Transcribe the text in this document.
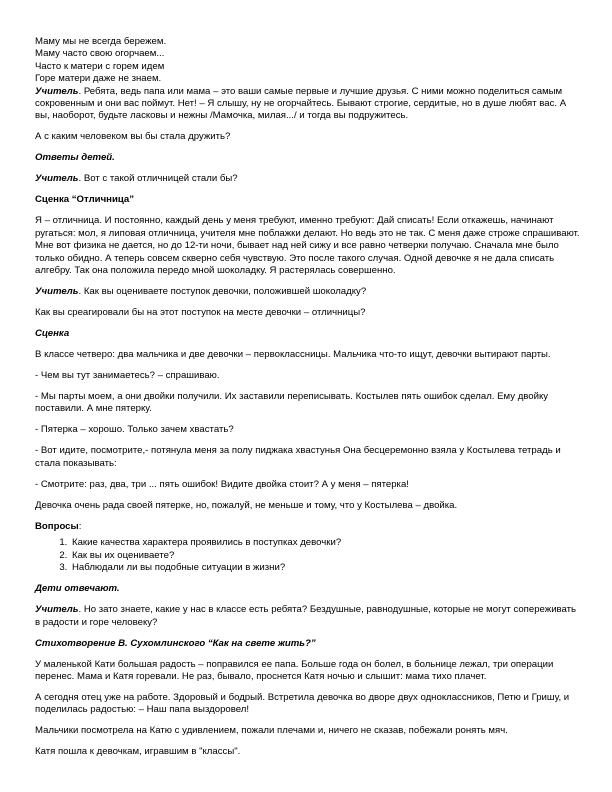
Маму мы не всегда бережем.
Маму часто свою огорчаем...
Часто к матери с горем идем
Горе матери даже не знаем.

Учитель. Ребята, ведь папа или мама – это ваши самые первые и лучшие друзья. С ними можно поделиться самым сокровенным и они вас поймут. Нет! – Я слышу, ну не огорчайтесь. Бывают строгие, сердитые, но в душе любят вас. А вы, наоборот, будьте ласковы и нежны /Мамочка, милая.../ и тогда вы подружитесь.

А с каким человеком вы бы стала дружить?

Ответы детей.

Учитель. Вот с такой отличницей стали бы?

Сценка “Отличница”

Я – отличница. И постоянно, каждый день у меня требуют, именно требуют: Дай списать! Если откажешь, начинают ругаться: мол, я липовая отличница, учителя мне поблажки делают. Но ведь это не так. С меня даже строже спрашивают. Мне вот физика не дается, но до 12-ти ночи, бывает над ней сижу и все равно четверки получаю. Сначала мне было только обидно. А теперь совсем скверно себя чувствую. Это после такого случая. Одной девочке я не дала списать алгебру. Так она положила передо мной шоколадку. Я растерялась совершенно.

Учитель. Как вы оцениваете поступок девочки, положившей шоколадку?

Как вы среагировали бы на этот поступок на месте девочки – отличницы?

Сценка

В классе четверо: два мальчика и две девочки – первоклассницы. Мальчика что-то ищут, девочки вытирают парты.

- Чем вы тут занимаетесь? – спрашиваю.

- Мы парты моем, а они двойки получили. Их заставили переписывать. Костылев пять ошибок сделал. Ему двойку поставили. А мне пятерку.

- Пятерка – хорошо. Только зачем хвастать?

- Вот идите, посмотрите,- потянула меня за полу пиджака хвастунья Она бесцеремонно взяла у Костылева тетрадь и стала показывать:

- Смотрите: раз, два, три ... пять ошибок! Видите двойка стоит? А у меня – пятерка!

Девочка очень рада своей пятерке, но, пожалуй, не меньше и тому, что у Костылева – двойка.

Вопросы:

1. Какие качества характера проявились в поступках девочки?
2. Как вы их оцениваете?
3. Наблюдали ли вы подобные ситуации в жизни?

Дети отвечают.

Учитель. Но зато знаете, какие у нас в классе есть ребята? Бездушные, равнодушные, которые не могут сопереживать в радости и горе человеку?

Стихотворение В. Сухомлинского “Как на свете жить?”

У маленькой Кати большая радость – поправился ее папа. Больше года он болел, в больнице лежал, три операции перенес. Мама и Катя горевали. Не раз, бывало, проснется Катя ночью и слышит: мама тихо плачет.

А сегодня отец уже на работе. Здоровый и бодрый. Встретила девочка во дворе двух одноклассников, Петю и Гришу, и поделилась радостью: – Наш папа выздоровел!

Мальчики посмотрела на Катю с удивлением, пожали плечами и, ничего не сказав, побежали ронять мяч.

Катя пошла к девочкам, игравшим в "классы".
